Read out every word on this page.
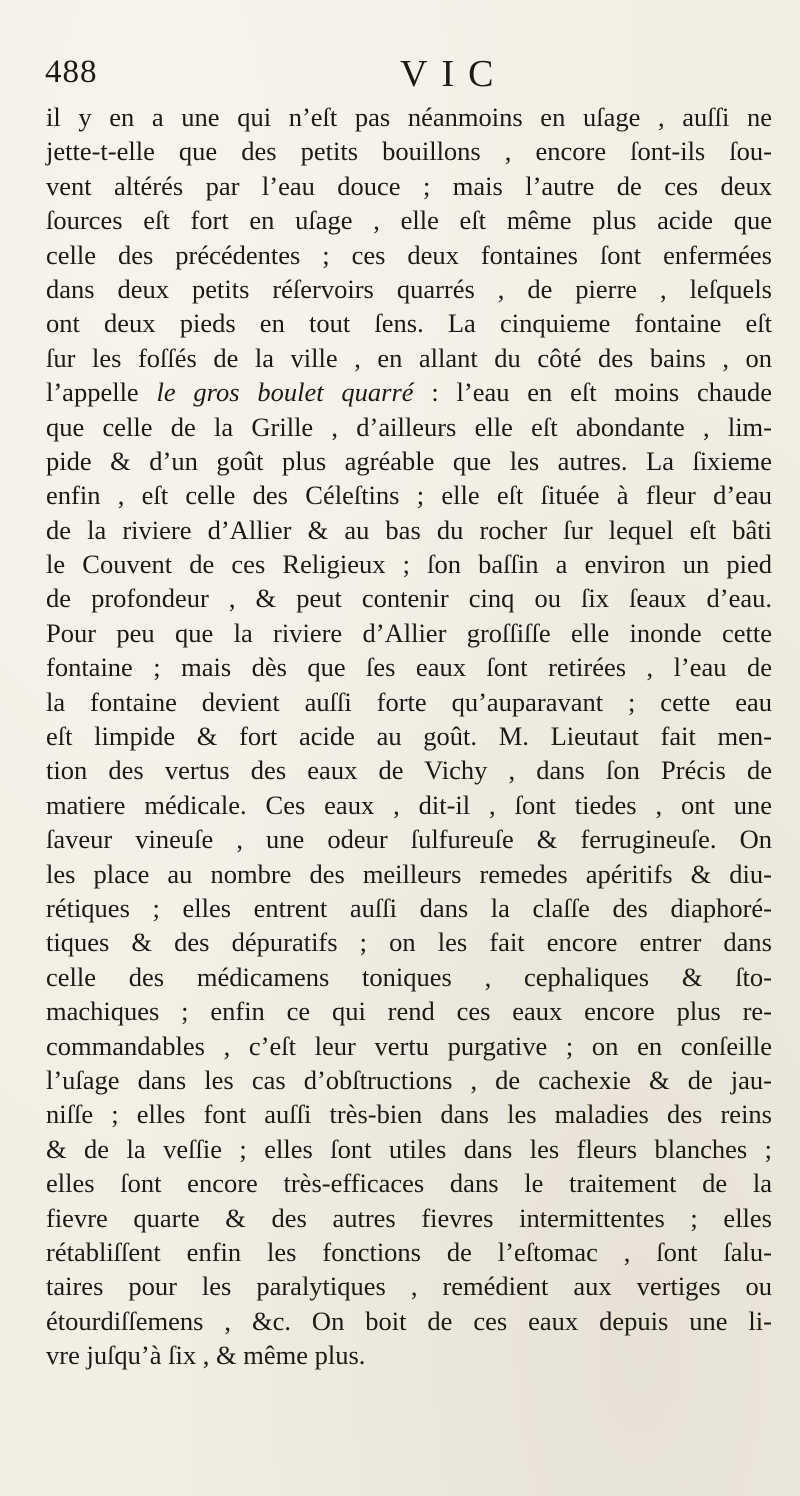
488	VIC
il y en a une qui n’eſt pas néanmoins en uſage , auſſi ne
jette-t-elle que des petits bouillons , encore ſont-ils ſou-
vent altérés par l’eau douce ; mais l’autre de ces deux
ſources eſt fort en uſage , elle eſt même plus acide que
celle des précédentes ; ces deux fontaines ſont enfermées
dans deux petits réſervoirs quarrés , de pierre , leſquels
ont deux pieds en tout ſens. La cinquieme fontaine eſt
ſur les foſſés de la ville , en allant du côté des bains , on
l’appelle le gros boulet quarré : l’eau en eſt moins chaude
que celle de la Grille , d’ailleurs elle eſt abondante , lim-
pide & d’un goût plus agréable que les autres. La ſixieme
enfin , eſt celle des Céleſtins ; elle eſt ſituée à fleur d’eau
de la riviere d’Allier & au bas du rocher ſur lequel eſt bâti
le Couvent de ces Religieux ; ſon baſſin a environ un pied
de profondeur , & peut contenir cinq ou ſix ſeaux d’eau.
Pour peu que la riviere d’Allier groſſiſſe elle inonde cette
fontaine ; mais dès que ſes eaux ſont retirées , l’eau de
la fontaine devient auſſi forte qu’auparavant ; cette eau
eſt limpide & fort acide au goût. M. Lieutaut fait men-
tion des vertus des eaux de Vichy , dans ſon Précis de
matiere médicale. Ces eaux , dit-il , ſont tiedes , ont une
ſaveur vineuſe , une odeur ſulfureuſe & ferrugineuſe. On
les place au nombre des meilleurs remedes apéritifs & diu-
rétiques ; elles entrent auſſi dans la claſſe des diaphoré-
tiques & des dépuratifs ; on les fait encore entrer dans
celle des médicamens toniques , cephaliques & ſto-
machiques ; enfin ce qui rend ces eaux encore plus re-
commandables , c’eſt leur vertu purgative ; on en conſeille
l’uſage dans les cas d’obſtructions , de cachexie & de jau-
niſſe ; elles font auſſi très-bien dans les maladies des reins
& de la veſſie ; elles ſont utiles dans les fleurs blanches ;
elles ſont encore très-efficaces dans le traitement de la
fievre quarte & des autres fievres intermittentes ; elles
rétabliſſent enfin les fonctions de l’eſtomac , ſont ſalu-
taires pour les paralytiques , remédient aux vertiges ou
étourdiſſemens , &c. On boit de ces eaux depuis une li-
vre juſqu’à ſix , & même plus.
